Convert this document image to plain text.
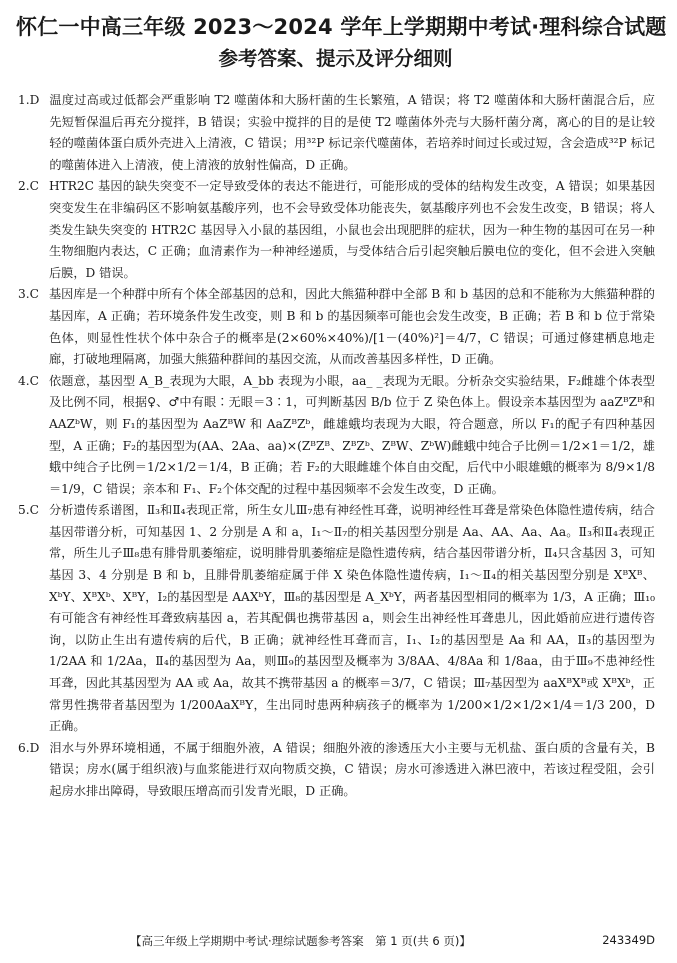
怀仁一中高三年级 2023～2024 学年上学期期中考试·理科综合试题
参考答案、提示及评分细则
1.D 温度过高或过低都会严重影响 T2 噬菌体和大肠杆菌的生长繁殖，A 错误；将 T2 噬菌体和大肠杆菌混合后，应先短暂保温后再充分搅拌，B 错误；实验中搅拌的目的是使 T2 噬菌体外壳与大肠杆菌分离，离心的目的是让较轻的噬菌体蛋白质外壳进入上清液，C 错误；用³²P 标记亲代噬菌体，若培养时间过长或过短，含会造成³²P 标记的噬菌体进入上清液，使上清液的放射性偏高，D 正确。
2.C HTR2C 基因的缺失突变不一定导致受体的表达不能进行，可能形成的受体的结构发生改变，A 错误；如果基因突变发生在非编码区不影响氨基酸序列，也不会导致受体功能丧失，氨基酸序列也不会发生改变，B 错误；将人类发生缺失突变的 HTR2C 基因导入小鼠的基因组，小鼠也会出现肥胖的症状，因为一种生物的基因可在另一种生物细胞内表达，C 正确；血清素作为一种神经递质，与受体结合后引起突触后膜电位的变化，但不会进入突触后膜，D 错误。
3.C 基因库是一个种群中所有个体全部基因的总和，因此大熊猫种群中全部 B 和 b 基因的总和不能称为大熊猫种群的基因库，A 正确；若环境条件发生改变，则 B 和 b 的基因频率可能也会发生改变，B 正确；若 B 和 b 位于常染色体，则显性性状个体中杂合子的概率是(2×60%×40%)/[1－(40%)²]＝4/7，C 错误；可通过修建栖息地走廊，打破地理隔离，加强大熊猫种群间的基因交流，从而改善基因多样性，D 正确。
4.C 依题意，基因型 A_B_表现为大眼，A_bb 表现为小眼，aa_ _表现为无眼。分析杂交实验结果，F₂雌雄个体表型及比例不同，根据♀、♂中有眼∶无眼＝3∶1，可判断基因 B/b 位于 Z 染色体上。假设亲本基因型为 aaZᴮZᴮ和 AAZᵇW，则 F₁的基因型为 AaZᴮW 和 AaZᴮZᵇ，雌雄蛾均表现为大眼，符合题意，所以 F₁的配子有四种基因型，A 正确；F₂的基因型为(AA、2Aa、aa)×(ZᴮZᴮ、ZᴮZᵇ、ZᴮW、ZᵇW)雌蛾中纯合子比例＝1/2×1＝1/2，雄蛾中纯合子比例＝1/2×1/2＝1/4，B 正确；若 F₂的大眼雌雄个体自由交配，后代中小眼雄蛾的概率为 8/9×1/8＝1/9，C 错误；亲本和 F₁、F₂个体交配的过程中基因频率不会发生改变，D 正确。
5.C 分析遗传系谱图，Ⅱ₃和Ⅱ₄表现正常，所生女儿Ⅲ₇患有神经性耳聋，说明神经性耳聋是常染色体隐性遗传病，结合基因带谱分析，可知基因 1、2 分别是 A 和 a，Ⅰ₁～Ⅱ₇的相关基因型分别是 Aa、AA、Aa、Aa。Ⅱ₃和Ⅱ₄表现正常，所生儿子Ⅲ₈患有腓骨肌萎缩症，说明腓骨肌萎缩症是隐性遗传病，结合基因带谱分析，Ⅱ₄只含基因 3，可知基因 3、4 分别是 B 和 b，且腓骨肌萎缩症属于伴 X 染色体隐性遗传病，Ⅰ₁～Ⅱ₄的相关基因型分别是 XᴮXᴮ、XᵇY、XᴮXᵇ、XᴮY，Ⅰ₂的基因型是 AAXᵇY，Ⅲ₈的基因型是 A_XᵇY，两者基因型相同的概率为 1/3，A 正确；Ⅲ₁₀有可能含有神经性耳聋致病基因 a，若其配偶也携带基因 a，则会生出神经性耳聋患儿，因此婚前应进行遗传咨询，以防止生出有遗传病的后代，B 正确；就神经性耳聋而言，Ⅰ₁、Ⅰ₂的基因型是 Aa 和 AA，Ⅱ₃的基因型为 1/2AA 和 1/2Aa，Ⅱ₄的基因型为 Aa，则Ⅲ₉的基因型及概率为 3/8AA、4/8Aa 和 1/8aa，由于Ⅲ₉不患神经性耳聋，因此其基因型为 AA 或 Aa，故其不携带基因 a 的概率＝3/7，C 错误；Ⅲ₇基因型为 aaXᴮXᴮ或 XᴮXᵇ，正常男性携带者基因型为 1/200AaXᴮY，生出同时患两种病孩子的概率为 1/200×1/2×1/2×1/4＝1/3 200，D 正确。
6.D 泪水与外界环境相通，不属于细胞外液，A 错误；细胞外液的渗透压大小主要与无机盐、蛋白质的含量有关，B 错误；房水(属于组织液)与血浆能进行双向物质交换，C 错误；房水可渗透进入淋巴液中，若该过程受阻，会引起房水排出障碍，导致眼压增高而引发青光眼，D 正确。
【高三年级上学期期中考试·理综试题参考答案　第 1 页(共 6 页)】	243349D
